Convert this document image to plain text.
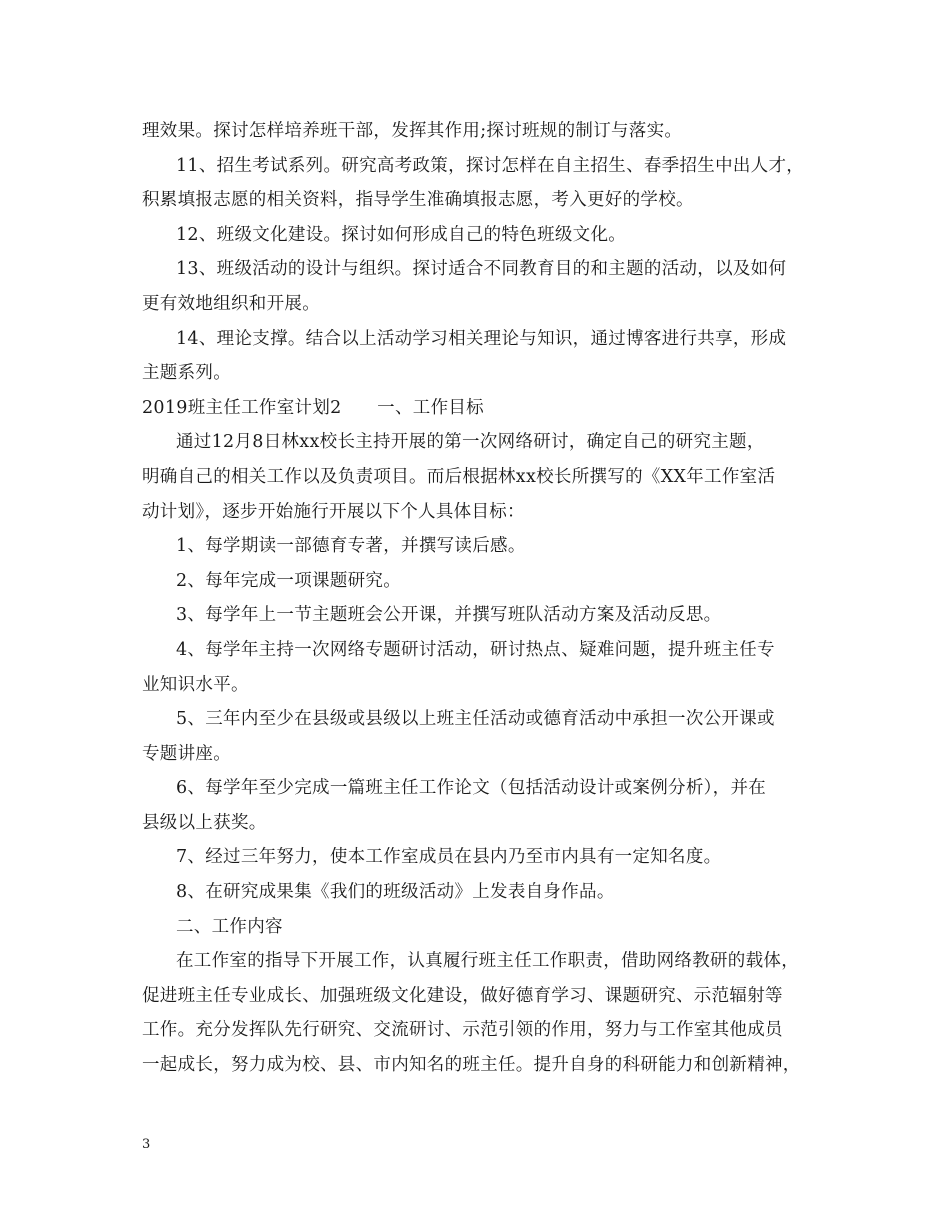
理效果。探讨怎样培养班干部，发挥其作用;探讨班规的制订与落实。
11、招生考试系列。研究高考政策，探讨怎样在自主招生、春季招生中出人才，
积累填报志愿的相关资料，指导学生准确填报志愿，考入更好的学校。
12、班级文化建设。探讨如何形成自己的特色班级文化。
13、班级活动的设计与组织。探讨适合不同教育目的和主题的活动，以及如何
更有效地组织和开展。
14、理论支撑。结合以上活动学习相关理论与知识，通过博客进行共享，形成
主题系列。
2019班主任工作室计划2　　一、工作目标
通过12月8日林xx校长主持开展的第一次网络研讨，确定自己的研究主题，
明确自己的相关工作以及负责项目。而后根据林xx校长所撰写的《XX年工作室活
动计划》，逐步开始施行开展以下个人具体目标：
1、每学期读一部德育专著，并撰写读后感。
2、每年完成一项课题研究。
3、每学年上一节主题班会公开课，并撰写班队活动方案及活动反思。
4、每学年主持一次网络专题研讨活动，研讨热点、疑难问题，提升班主任专
业知识水平。
5、三年内至少在县级或县级以上班主任活动或德育活动中承担一次公开课或
专题讲座。
6、每学年至少完成一篇班主任工作论文（包括活动设计或案例分析），并在
县级以上获奖。
7、经过三年努力，使本工作室成员在县内乃至市内具有一定知名度。
8、在研究成果集《我们的班级活动》上发表自身作品。
二、工作内容
在工作室的指导下开展工作，认真履行班主任工作职责，借助网络教研的载体，
促进班主任专业成长、加强班级文化建设，做好德育学习、课题研究、示范辐射等
工作。充分发挥队先行研究、交流研讨、示范引领的作用，努力与工作室其他成员
一起成长，努力成为校、县、市内知名的班主任。提升自身的科研能力和创新精神，
3
